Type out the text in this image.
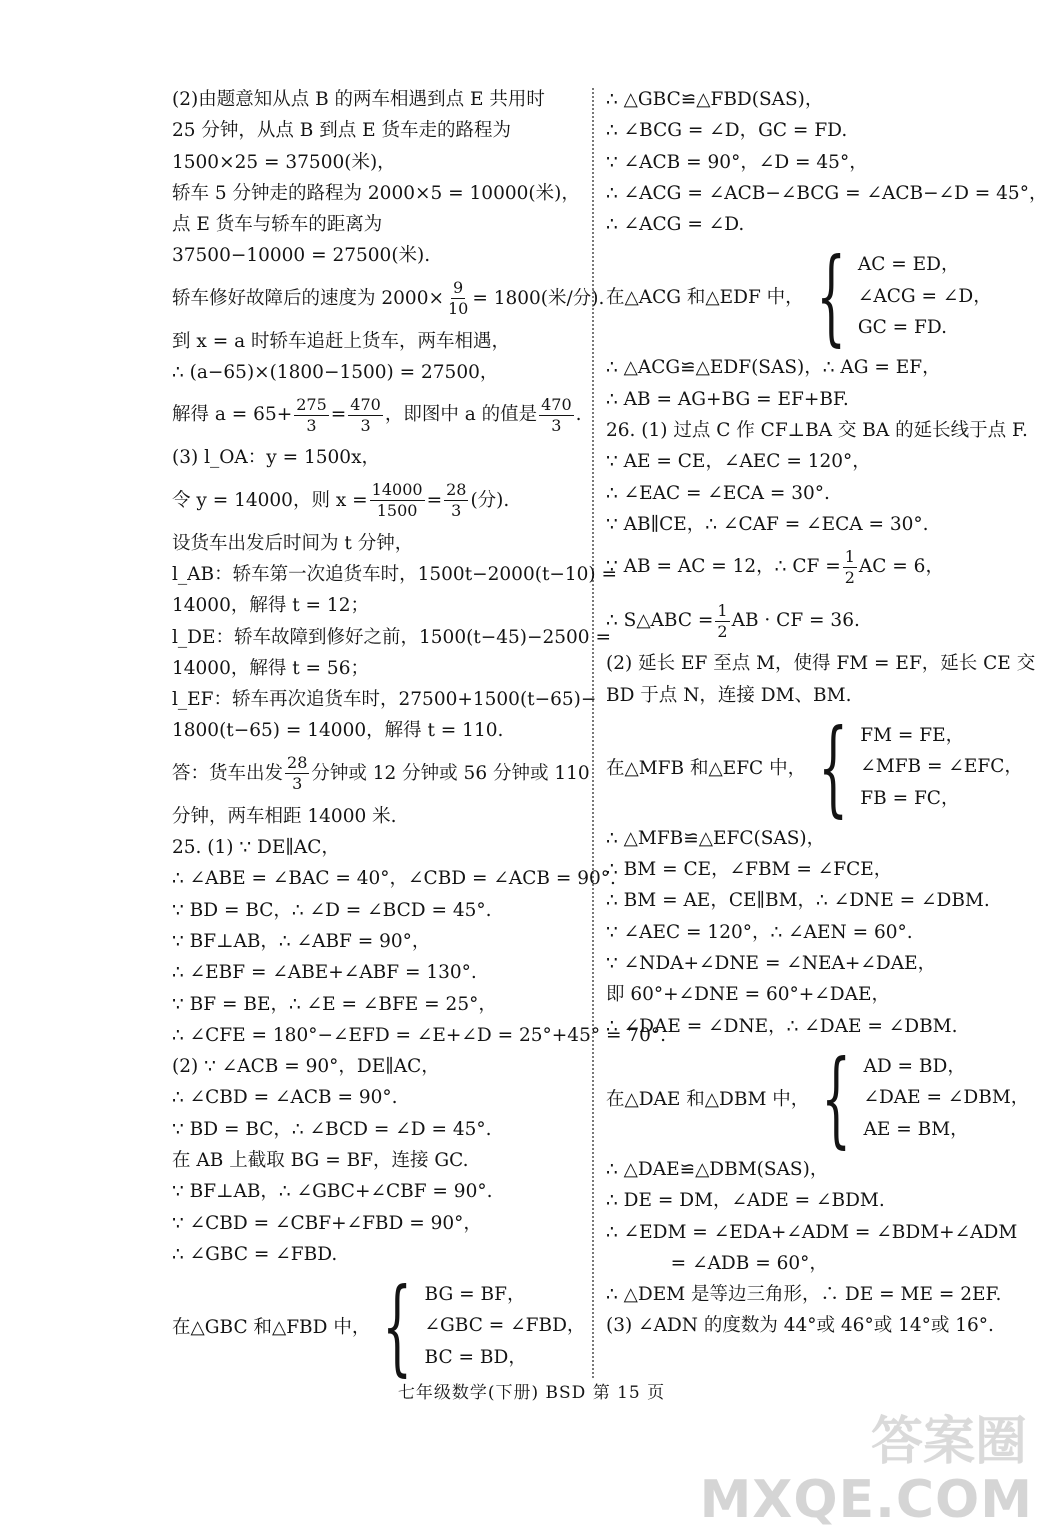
(2)由题意知从点 B 的两车相遇到点 E 共用时
25 分钟，从点 B 到点 E 货车走的路程为
1500×25 = 37500(米)，
轿车 5 分钟走的路程为 2000×5 = 10000(米)，
点 E 货车与轿车的距离为
37500−10000 = 27500(米).
轿车修好故障后的速度为 $2000\times \frac{9}{10} = 1800$(米/分).
到 x = a 时轿车追赶上货车，两车相遇，
∴ (a−65)×(1800−1500) = 27500，
解得 $a = 65+ \frac{275}{3} = \frac{470}{3}$ ，即图中 a 的值是 $\frac{470}{3}$ .
(3) l_OA：y = 1500x，
令 y = 14000，则 $x = \frac{14000}{1500} = \frac{28}{3}$ (分).
设货车出发后时间为 t 分钟，
l_AB：轿车第一次追货车时，1500t−2000(t−10) =
14000，解得 t = 12；
l_DE：轿车故障到修好之前，1500(t−45)−2500 =
14000，解得 t = 56；
l_EF：轿车再次追货车时，27500+1500(t−65)−
1800(t−65) = 14000，解得 t = 110.
答：货车出发 $\frac{28}{3}$ 分钟或 12 分钟或 56 分钟或 110
分钟，两车相距 14000 米.
25. (1) ∵ DE∥AC，
∴ ∠ABE = ∠BAC = 40°，∠CBD = ∠ACB = 90°.
∵ BD = BC，∴ ∠D = ∠BCD = 45°.
∵ BF⊥AB，∴ ∠ABF = 90°，
∴ ∠EBF = ∠ABE+∠ABF = 130°.
∵ BF = BE，∴ ∠E = ∠BFE = 25°，
∴ ∠CFE = 180°−∠EFD = ∠E+∠D = 25°+45° = 70°.
(2) ∵ ∠ACB = 90°，DE∥AC，
∴ ∠CBD = ∠ACB = 90°.
∵ BD = BC，∴ ∠BCD = ∠D = 45°.
在 AB 上截取 BG = BF，连接 GC.
∵ BF⊥AB，∴ ∠GBC+∠CBF = 90°.
∵ ∠CBD = ∠CBF+∠FBD = 90°，
∴ ∠GBC = ∠FBD.
在△GBC 和△FBD 中， { BG = BF，
∠GBC = ∠FBD，
BC = BD，
∴ △GBC≌△FBD(SAS)，
∴ ∠BCG = ∠D，GC = FD.
∵ ∠ACB = 90°，∠D = 45°，
∴ ∠ACG = ∠ACB−∠BCG = ∠ACB−∠D = 45°，
∴ ∠ACG = ∠D.
在△ACG 和△EDF 中， { AC = ED，
∠ACG = ∠D，
GC = FD.
∴ △ACG≌△EDF(SAS)，∴ AG = EF，
∴ AB = AG+BG = EF+BF.
26. (1) 过点 C 作 CF⊥BA 交 BA 的延长线于点 F.
∵ AE = CE，∠AEC = 120°，
∴ ∠EAC = ∠ECA = 30°.
∵ AB∥CE，∴ ∠CAF = ∠ECA = 30°.
∵ AB = AC = 12，∴ CF = $\frac{1}{2}$ AC = 6，
∴ S△ABC = $\frac{1}{2}$ AB · CF = 36.
(2) 延长 EF 至点 M，使得 FM = EF，延长 CE 交
BD 于点 N，连接 DM、BM.
在△MFB 和△EFC 中， { FM = FE，
∠MFB = ∠EFC，
FB = FC，
∴ △MFB≌△EFC(SAS)，
∴ BM = CE，∠FBM = ∠FCE，
∴ BM = AE，CE∥BM，∴ ∠DNE = ∠DBM.
∵ ∠AEC = 120°，∴ ∠AEN = 60°.
∵ ∠NDA+∠DNE = ∠NEA+∠DAE，
即 60°+∠DNE = 60°+∠DAE，
∴ ∠DAE = ∠DNE，∴ ∠DAE = ∠DBM.
在△DAE 和△DBM 中， { AD = BD，
∠DAE = ∠DBM，
AE = BM，
∴ △DAE≌△DBM(SAS)，
∴ DE = DM，∠ADE = ∠BDM.
∴ ∠EDM = ∠EDA+∠ADM = ∠BDM+∠ADM
= ∠ADB = 60°，
∴ △DEM 是等边三角形，∴ DE = ME = 2EF.
(3) ∠ADN 的度数为 44°或 46°或 14°或 16°.
七年级数学(下册) BSD 第 15 页
答案圈
MXQE.COM
